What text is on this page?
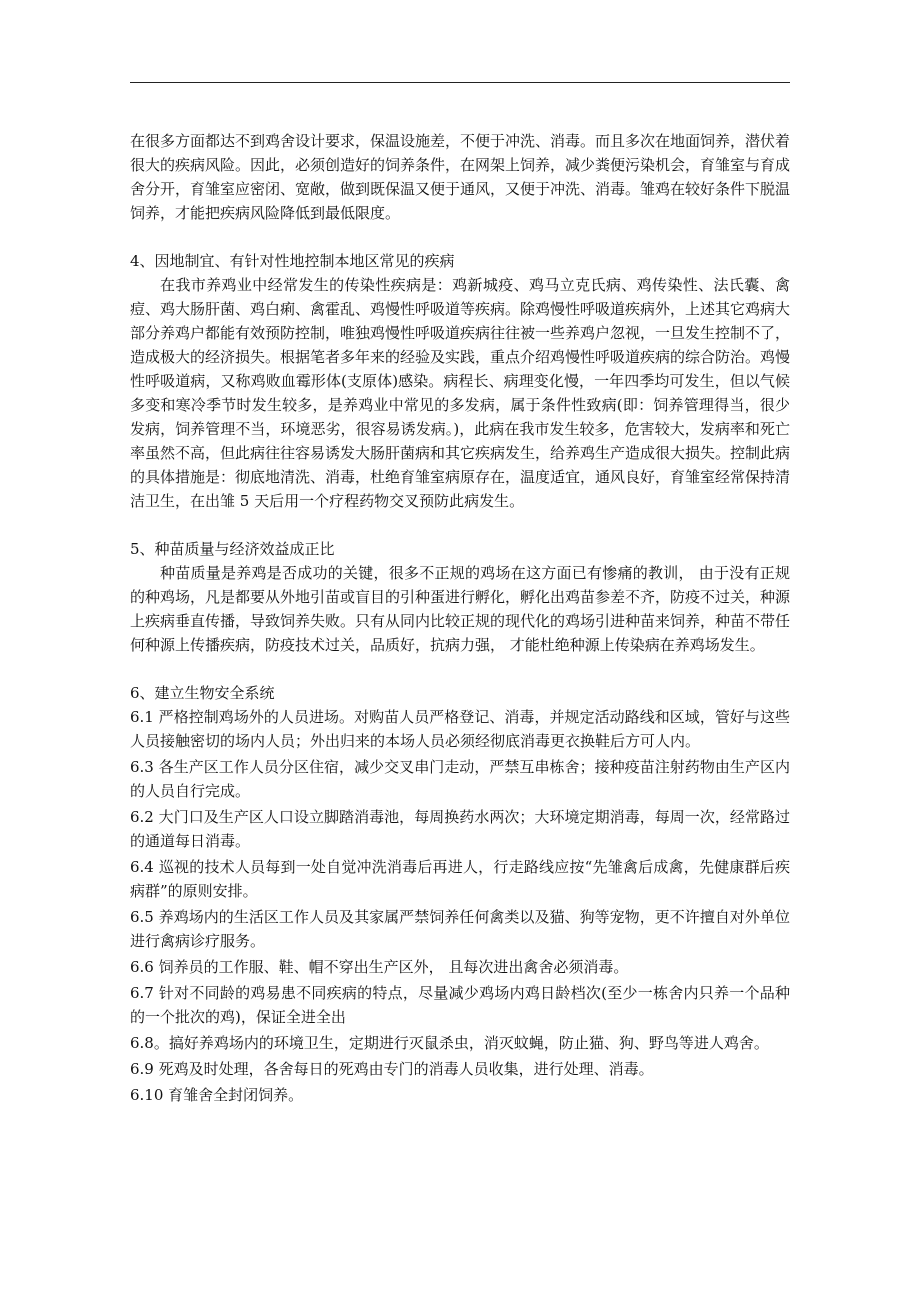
在很多方面都达不到鸡舍设计要求，保温设施差，不便于冲洗、消毒。而且多次在地面饲养，潜伏着很大的疾病风险。因此，必须创造好的饲养条件，在网架上饲养，减少粪便污染机会，育雏室与育成舍分开，育雏室应密闭、宽敞，做到既保温又便于通风，又便于冲洗、消毒。雏鸡在较好条件下脱温饲养，才能把疾病风险降低到最低限度。

4、因地制宜、有针对性地控制本地区常见的疾病

在我市养鸡业中经常发生的传染性疾病是：鸡新城疫、鸡马立克氏病、鸡传染性、法氏囊、禽痘、鸡大肠肝菌、鸡白痢、禽霍乱、鸡慢性呼吸道等疾病。除鸡慢性呼吸道疾病外，上述其它鸡病大部分养鸡户都能有效预防控制，唯独鸡慢性呼吸道疾病往往被一些养鸡户忽视，一旦发生控制不了，造成极大的经济损失。根据笔者多年来的经验及实践，重点介绍鸡慢性呼吸道疾病的综合防治。鸡慢性呼吸道病，又称鸡败血霉形体(支原体)感染。病程长、病理变化慢，一年四季均可发生，但以气候多变和寒冷季节时发生较多，是养鸡业中常见的多发病，属于条件性致病(即：饲养管理得当，很少发病，饲养管理不当，环境恶劣，很容易诱发病。)，此病在我市发生较多，危害较大，发病率和死亡率虽然不高，但此病往往容易诱发大肠肝菌病和其它疾病发生，给养鸡生产造成很大损失。控制此病的具体措施是：彻底地清洗、消毒，杜绝育雏室病原存在，温度适宜，通风良好，育雏室经常保持清洁卫生，在出雏 5 天后用一个疗程药物交叉预防此病发生。

5、种苗质量与经济效益成正比

种苗质量是养鸡是否成功的关键，很多不正规的鸡场在这方面已有惨痛的教训， 由于没有正规的种鸡场，凡是都要从外地引苗或盲目的引种蛋进行孵化，孵化出鸡苗参差不齐，防疫不过关，种源上疾病垂直传播，导致饲养失败。只有从同内比较正规的现代化的鸡场引进种苗来饲养，种苗不带任何种源上传播疾病，防疫技术过关，品质好，抗病力强， 才能杜绝种源上传染病在养鸡场发生。

6、建立生物安全系统

6.1 严格控制鸡场外的人员进场。对购苗人员严格登记、消毒，并规定活动路线和区域，管好与这些人员接触密切的场内人员；外出归来的本场人员必须经彻底消毒更衣换鞋后方可人内。

6.3 各生产区工作人员分区住宿，减少交叉串门走动，严禁互串栋舍；接种疫苗注射药物由生产区内的人员自行完成。

6.2 大门口及生产区人口设立脚踏消毒池，每周换药水两次；大环境定期消毒，每周一次，经常路过的通道每日消毒。

6.4 巡视的技术人员每到一处自觉冲洗消毒后再进人，行走路线应按“先雏禽后成禽，先健康群后疾病群”的原则安排。

6.5 养鸡场内的生活区工作人员及其家属严禁饲养任何禽类以及猫、狗等宠物，更不许擅自对外单位进行禽病诊疗服务。

6.6 饲养员的工作服、鞋、帽不穿出生产区外， 且每次进出禽舍必须消毒。

6.7 针对不同龄的鸡易患不同疾病的特点，尽量减少鸡场内鸡日龄档次(至少一栋舍内只养一个品种的一个批次的鸡)，保证全进全出

6.8。搞好养鸡场内的环境卫生，定期进行灭鼠杀虫，消灭蚊蝇，防止猫、狗、野鸟等进人鸡舍。

6.9 死鸡及时处理，各舍每日的死鸡由专门的消毒人员收集，进行处理、消毒。

6.10 育雏舍全封闭饲养。
